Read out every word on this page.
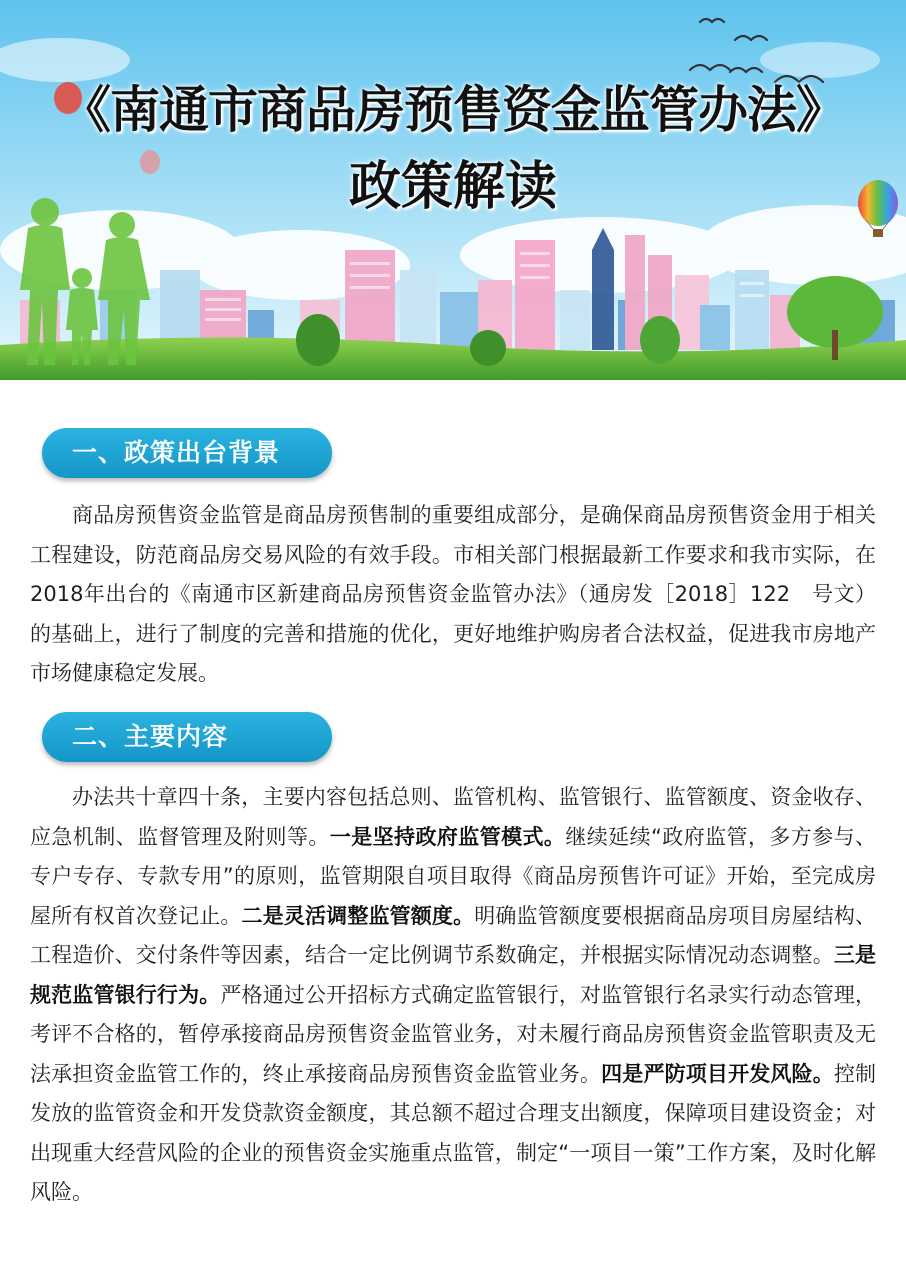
《南通市商品房预售资金监管办法》
政策解读
一、政策出台背景

商品房预售资金监管是商品房预售制的重要组成部分，是确保商品房预售资金用于相关工程建设，防范商品房交易风险的有效手段。市相关部门根据最新工作要求和我市实际，在2018年出台的《南通市区新建商品房预售资金监管办法》（通房发［2018］122　号文）的基础上，进行了制度的完善和措施的优化，更好地维护购房者合法权益，促进我市房地产市场健康稳定发展。

二、主要内容

办法共十章四十条，主要内容包括总则、监管机构、监管银行、监管额度、资金收存、应急机制、监督管理及附则等。一是坚持政府监管模式。继续延续“政府监管，多方参与、专户专存、专款专用”的原则，监管期限自项目取得《商品房预售许可证》开始，至完成房屋所有权首次登记止。二是灵活调整监管额度。明确监管额度要根据商品房项目房屋结构、工程造价、交付条件等因素，结合一定比例调节系数确定，并根据实际情况动态调整。三是规范监管银行行为。严格通过公开招标方式确定监管银行，对监管银行名录实行动态管理，考评不合格的，暂停承接商品房预售资金监管业务，对未履行商品房预售资金监管职责及无法承担资金监管工作的，终止承接商品房预售资金监管业务。四是严防项目开发风险。控制发放的监管资金和开发贷款资金额度，其总额不超过合理支出额度，保障项目建设资金；对出现重大经营风险的企业的预售资金实施重点监管，制定“一项目一策”工作方案，及时化解风险。
